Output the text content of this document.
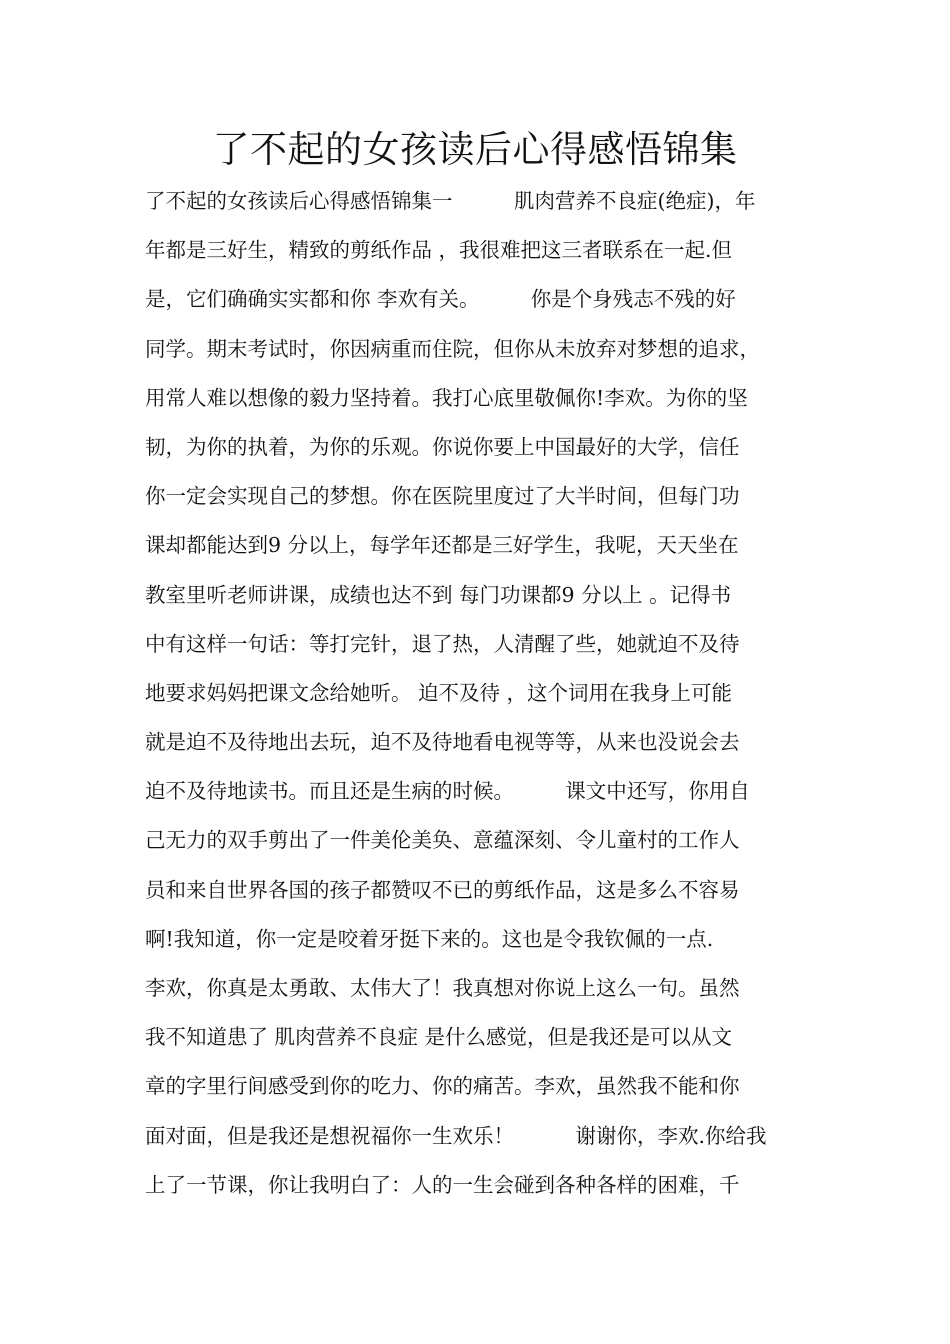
了不起的女孩读后心得感悟锦集
了不起的女孩读后心得感悟锦集一　　　肌肉营养不良症(绝症)，年
年都是三好生，精致的剪纸作品 ，我很难把这三者联系在一起.但
是，它们确确实实都和你 李欢有关。　　　你是个身残志不残的好
同学。期末考试时，你因病重而住院，但你从未放弃对梦想的追求，
用常人难以想像的毅力坚持着。我打心底里敬佩你!李欢。为你的坚
韧，为你的执着，为你的乐观。你说你要上中国最好的大学，信任
你一定会实现自己的梦想。你在医院里度过了大半时间，但每门功
课却都能达到9 分以上，每学年还都是三好学生，我呢，天天坐在
教室里听老师讲课，成绩也达不到 每门功课都9 分以上 。记得书
中有这样一句话：等打完针，退了热，人清醒了些，她就迫不及待
地要求妈妈把课文念给她听。 迫不及待 ，这个词用在我身上可能
就是迫不及待地出去玩，迫不及待地看电视等等，从来也没说会去
迫不及待地读书。而且还是生病的时候。　　　课文中还写，你用自
己无力的双手剪出了一件美伦美奂、意蕴深刻、令儿童村的工作人
员和来自世界各国的孩子都赞叹不已的剪纸作品，这是多么不容易
啊!我知道，你一定是咬着牙挺下来的。这也是令我钦佩的一点.
李欢，你真是太勇敢、太伟大了！我真想对你说上这么一句。虽然
我不知道患了 肌肉营养不良症 是什么感觉，但是我还是可以从文
章的字里行间感受到你的吃力、你的痛苦。李欢，虽然我不能和你
面对面，但是我还是想祝福你一生欢乐！　　　谢谢你，李欢.你给我
上了一节课，你让我明白了：人的一生会碰到各种各样的困难，千
